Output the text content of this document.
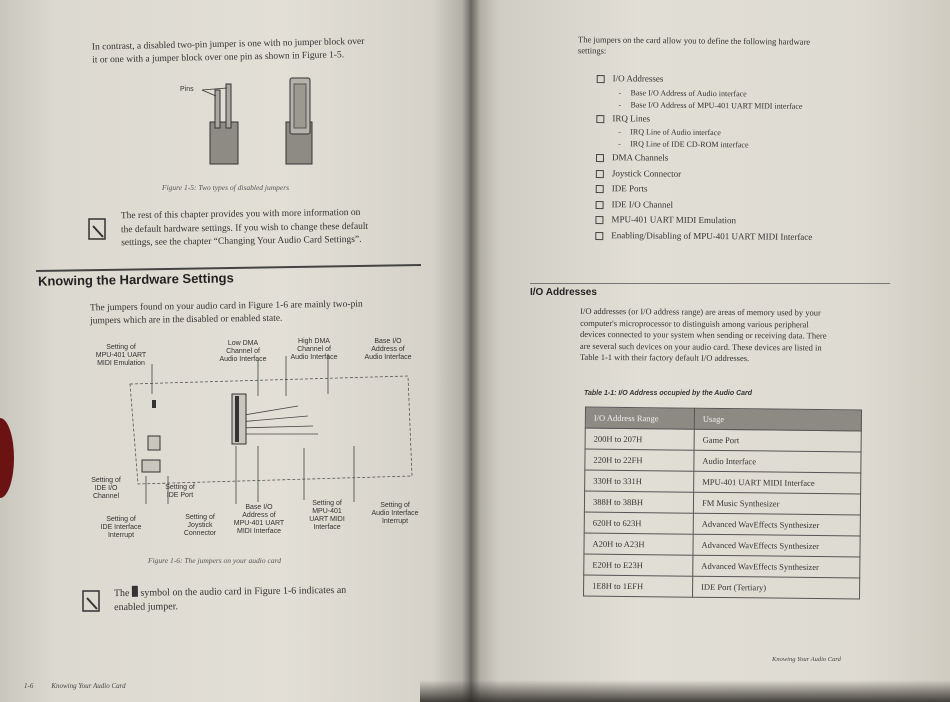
In contrast, a disabled two-pin jumper is one with no jumper block over
it or one with a jumper block over one pin as shown in Figure 1-5.
Pins
Figure 1-5: Two types of disabled jumpers
The rest of this chapter provides you with more information on
the default hardware settings. If you wish to change these default
settings, see the chapter “Changing Your Audio Card Settings”.
Knowing the Hardware Settings
The jumpers found on your audio card in Figure 1-6 are mainly two-pin
jumpers which are in the disabled or enabled state.
Setting of
MPU-401 UART
MIDI Emulation
Low DMA
Channel of
Audio Interface
High DMA
Channel of
Audio Interface
Base I/O
Address of
Audio Interface
Setting of
IDE I/O
Channel
Setting of
IDE Port
Setting of
IDE Interface
Interrupt
Setting of
Joystick
Connector
Base I/O
Address of
MPU-401 UART
MIDI Interface
Setting of
MPU-401
UART MIDI
Interface
Setting of
Audio Interface
Interrupt
Figure 1-6: The jumpers on your audio card
The symbol on the audio card in Figure 1-6 indicates an
enabled jumper.
1-6	Knowing Your Audio Card
The jumpers on the card allow you to define the following hardware
settings:
I/O Addresses
- Base I/O Address of Audio interface
- Base I/O Address of MPU-401 UART MIDI interface
IRQ Lines
- IRQ Line of Audio interface
- IRQ Line of IDE CD-ROM interface
DMA Channels
Joystick Connector
IDE Ports
IDE I/O Channel
MPU-401 UART MIDI Emulation
Enabling/Disabling of MPU-401 UART MIDI Interface
I/O Addresses
I/O addresses (or I/O address range) are areas of memory used by your
computer's microprocessor to distinguish among various peripheral
devices connected to your system when sending or receiving data. There
are several such devices on your audio card. These devices are listed in
Table 1-1 with their factory default I/O addresses.
Table 1-1: I/O Address occupied by the Audio Card
I/O Address Range	Usage
200H to 207H	Game Port
220H to 22FH	Audio Interface
330H to 331H	MPU-401 UART MIDI Interface
388H to 38BH	FM Music Synthesizer
620H to 623H	Advanced WavEffects Synthesizer
A20H to A23H	Advanced WavEffects Synthesizer
E20H to E23H	Advanced WavEffects Synthesizer
1E8H to 1EFH	IDE Port (Tertiary)
Knowing Your Audio Card
